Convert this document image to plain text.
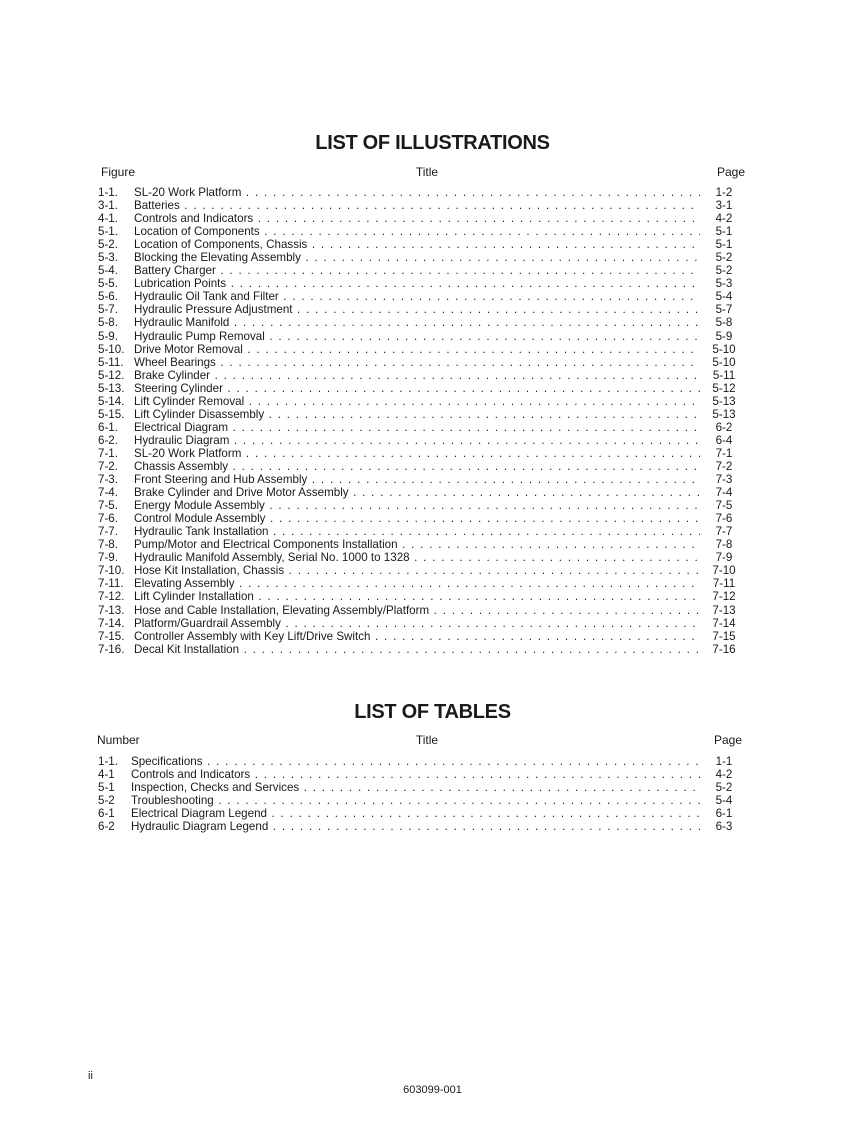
LIST OF ILLUSTRATIONS
Figure	Title	Page
1-1. SL-20 Work Platform . . .	1-2
3-1. Batteries . . .	3-1
4-1. Controls and Indicators . . .	4-2
5-1. Location of Components . . .	5-1
5-2. Location of Components, Chassis . . .	5-1
5-3. Blocking the Elevating Assembly . . .	5-2
5-4. Battery Charger . . .	5-2
5-5. Lubrication Points . . .	5-3
5-6. Hydraulic Oil Tank and Filter . . .	5-4
5-7. Hydraulic Pressure Adjustment . . .	5-7
5-8. Hydraulic Manifold . . .	5-8
5-9. Hydraulic Pump Removal . . .	5-9
5-10. Drive Motor Removal . . .	5-10
5-11. Wheel Bearings . . .	5-10
5-12. Brake Cylinder . . .	5-11
5-13. Steering Cylinder . . .	5-12
5-14. Lift Cylinder Removal . . .	5-13
5-15. Lift Cylinder Disassembly . . .	5-13
6-1. Electrical Diagram . . .	6-2
6-2. Hydraulic Diagram . . .	6-4
7-1. SL-20 Work Platform . . .	7-1
7-2. Chassis Assembly . . .	7-2
7-3. Front Steering and Hub Assembly . . .	7-3
7-4. Brake Cylinder and Drive Motor Assembly . . .	7-4
7-5. Energy Module Assembly . . .	7-5
7-6. Control Module Assembly . . .	7-6
7-7. Hydraulic Tank Installation . . .	7-7
7-8. Pump/Motor and Electrical Components Installation . . .	7-8
7-9. Hydraulic Manifold Assembly, Serial No. 1000 to 1328 . . .	7-9
7-10. Hose Kit Installation, Chassis . . .	7-10
7-11. Elevating Assembly . . .	7-11
7-12. Lift Cylinder Installation . . .	7-12
7-13. Hose and Cable Installation, Elevating Assembly/Platform . . .	7-13
7-14. Platform/Guardrail Assembly . . .	7-14
7-15. Controller Assembly with Key Lift/Drive Switch . . .	7-15
7-16. Decal Kit Installation . . .	7-16
LIST OF TABLES
Number	Title	Page
1-1. Specifications . . .	1-1
4-1 Controls and Indicators . . .	4-2
5-1 Inspection, Checks and Services . . .	5-2
5-2 Troubleshooting . . .	5-4
6-1 Electrical Diagram Legend . . .	6-1
6-2 Hydraulic Diagram Legend . . .	6-3
ii
603099-001
